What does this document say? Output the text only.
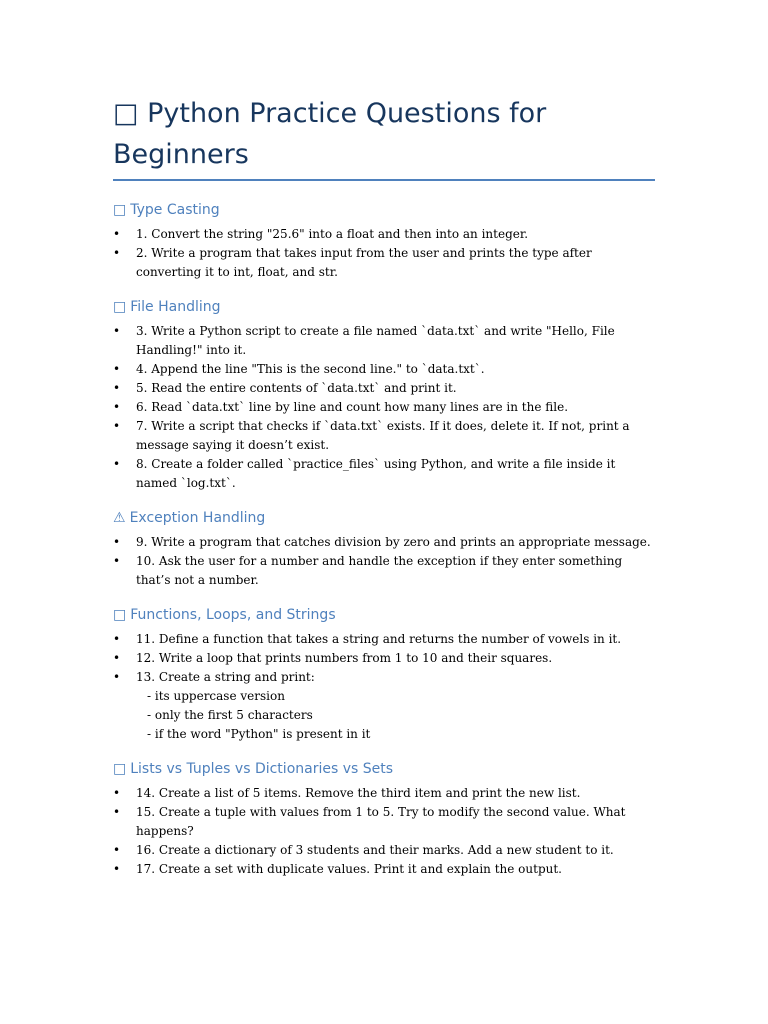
□ Python Practice Questions for Beginners
□ Type Casting
• 1. Convert the string "25.6" into a float and then into an integer.
• 2. Write a program that takes input from the user and prints the type after converting it to int, float, and str.
□ File Handling
• 3. Write a Python script to create a file named `data.txt` and write "Hello, File Handling!" into it.
• 4. Append the line "This is the second line." to `data.txt`.
• 5. Read the entire contents of `data.txt` and print it.
• 6. Read `data.txt` line by line and count how many lines are in the file.
• 7. Write a script that checks if `data.txt` exists. If it does, delete it. If not, print a message saying it doesn’t exist.
• 8. Create a folder called `practice_files` using Python, and write a file inside it named `log.txt`.
⚠ Exception Handling
• 9. Write a program that catches division by zero and prints an appropriate message.
• 10. Ask the user for a number and handle the exception if they enter something that’s not a number.
□ Functions, Loops, and Strings
• 11. Define a function that takes a string and returns the number of vowels in it.
• 12. Write a loop that prints numbers from 1 to 10 and their squares.
• 13. Create a string and print:
- its uppercase version
- only the first 5 characters
- if the word "Python" is present in it
□ Lists vs Tuples vs Dictionaries vs Sets
• 14. Create a list of 5 items. Remove the third item and print the new list.
• 15. Create a tuple with values from 1 to 5. Try to modify the second value. What happens?
• 16. Create a dictionary of 3 students and their marks. Add a new student to it.
• 17. Create a set with duplicate values. Print it and explain the output.
